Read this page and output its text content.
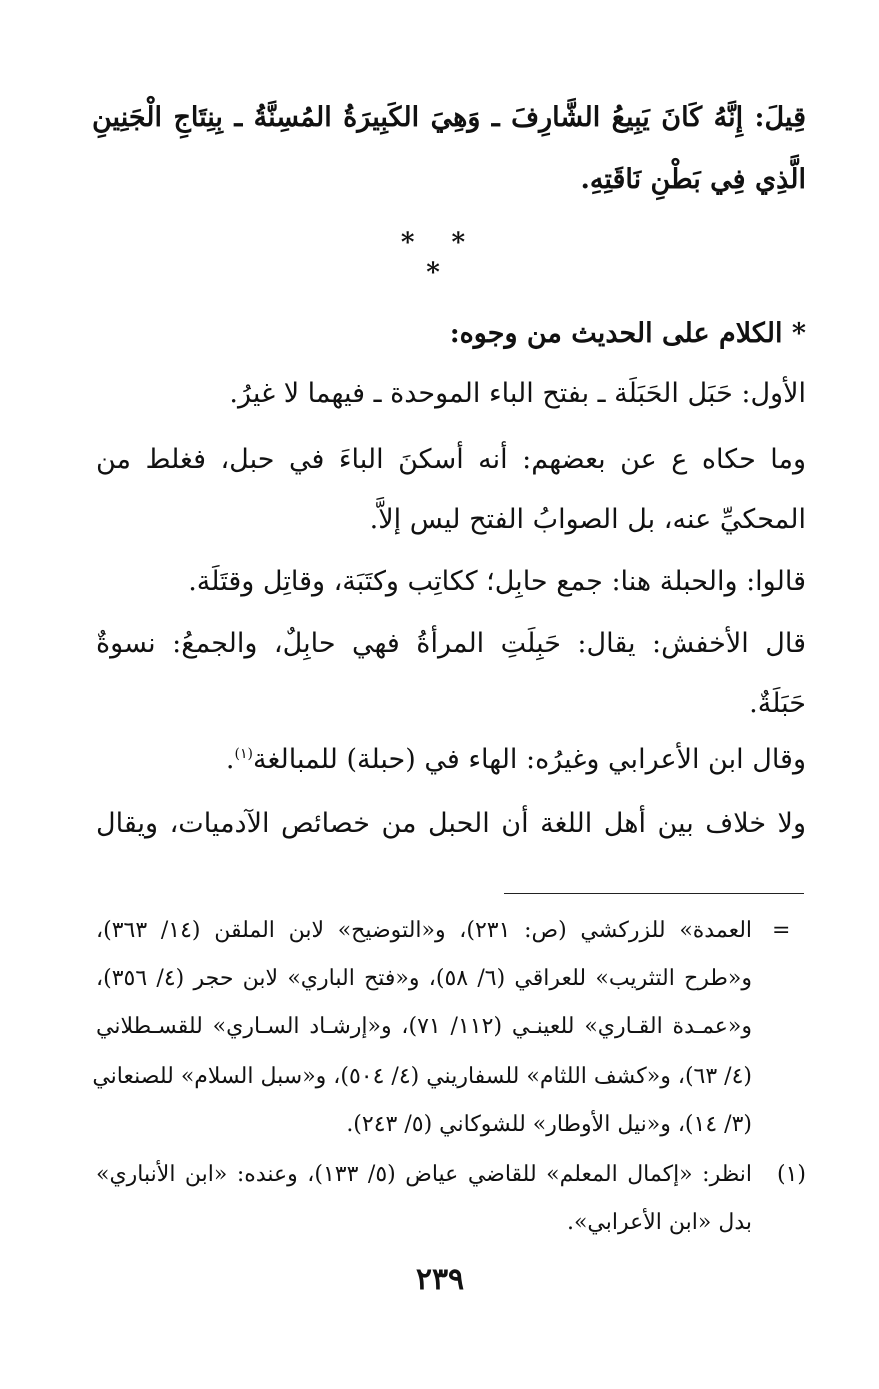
قِيلَ: إِنَّهُ كَانَ يَبِيعُ الشَّارِفَ ـ وَهِيَ الكَبِيرَةُ المُسِنَّةُ ـ بِنِتَاجِ الْجَنِينِ
الَّذِي فِي بَطْنِ نَاقَتِهِ.
* * *
* الكلام على الحديث من وجوه:
الأول: حَبَل الحَبَلَة ـ بفتح الباء الموحدة ـ فيهما لا غيرُ.
وما حكاه ع عن بعضهم: أنه أسكنَ الباءَ في حبل، فغلط من
المحكيِّ عنه، بل الصوابُ الفتح ليس إلاَّ.
قالوا: والحبلة هنا: جمع حابِل؛ ككاتِب وكتَبَة، وقاتِل وقتَلَة.
قال الأخفش: يقال: حَبِلَتِ المرأةُ فهي حابِلٌ، والجمعُ: نسوةٌ
حَبَلَةٌ.
وقال ابن الأعرابي وغيرُه: الهاء في (حبلة) للمبالغة$^{(١)}$.
ولا خلاف بين أهل اللغة أن الحبل من خصائص الآدميات، ويقال
=
العمدة» للزركشي (ص: ٢٣١)، و«التوضيح» لابن الملقن (١٤/ ٣٦٣)،
و«طرح التثريب» للعراقي (٦/ ٥٨)، و«فتح الباري» لابن حجر (٤/ ٣٥٦)،
و«عمـدة القـاري» للعينـي (١١٢/ ٧١)، و«إرشـاد السـاري» للقسـطلاني
(٤/ ٦٣)، و«كشف اللثام» للسفاريني (٤/ ٥٠٤)، و«سبل السلام» للصنعاني
(٣/ ١٤)، و«نيل الأوطار» للشوكاني (٥/ ٢٤٣).
(١)
انظر: «إكمال المعلم» للقاضي عياض (٥/ ١٣٣)، وعنده: «ابن الأنباري»
بدل «ابن الأعرابي».
٢٣٩
